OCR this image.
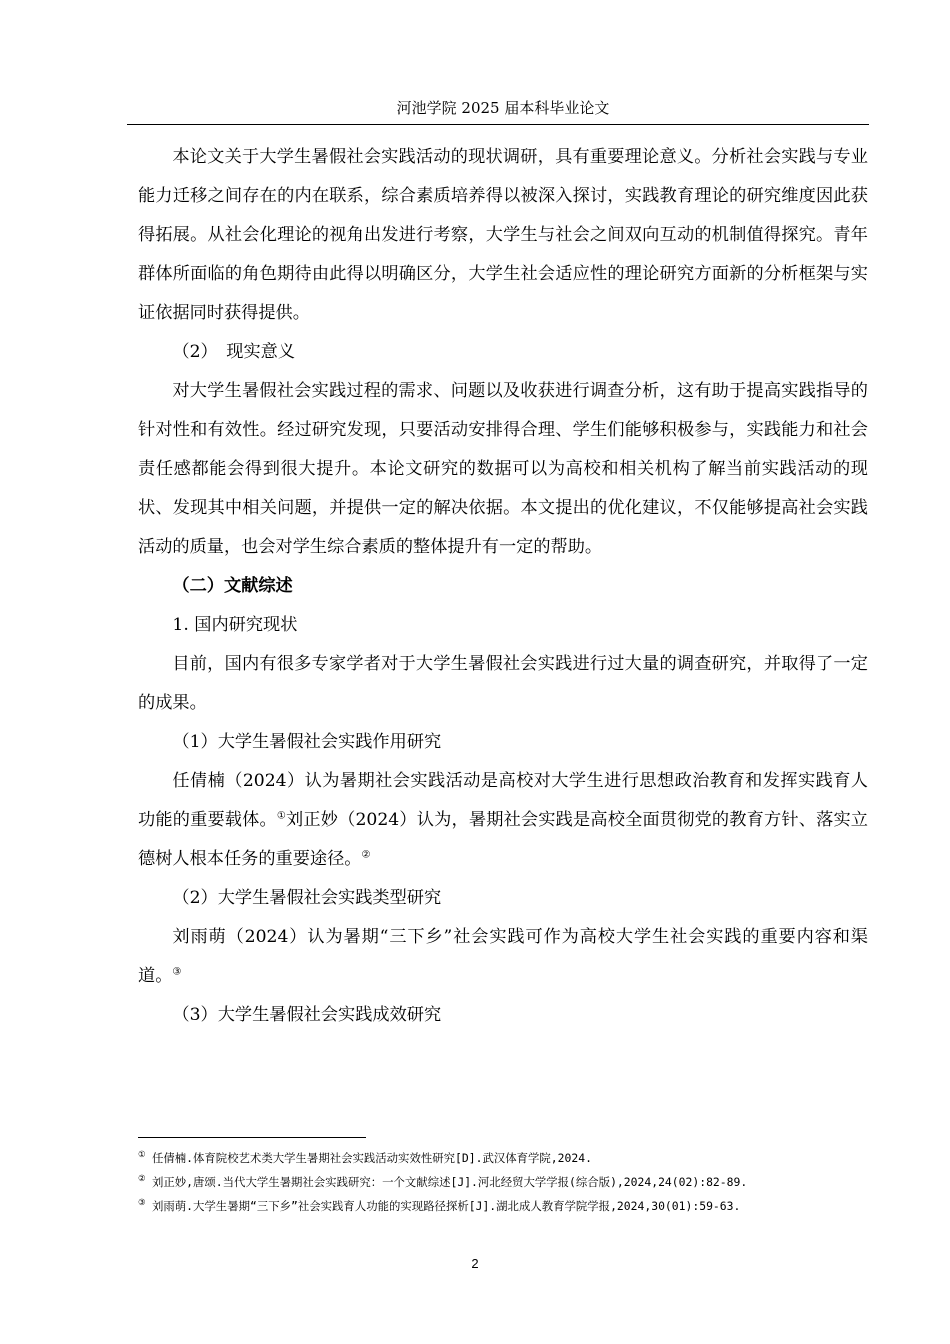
河池学院 2025 届本科毕业论文

本论文关于大学生暑假社会实践活动的现状调研，具有重要理论意义。分析社会实践与专业能力迁移之间存在的内在联系，综合素质培养得以被深入探讨，实践教育理论的研究维度因此获得拓展。从社会化理论的视角出发进行考察，大学生与社会之间双向互动的机制值得探究。青年群体所面临的角色期待由此得以明确区分，大学生社会适应性的理论研究方面新的分析框架与实证依据同时获得提供。

（2）　现实意义

对大学生暑假社会实践过程的需求、问题以及收获进行调查分析，这有助于提高实践指导的针对性和有效性。经过研究发现，只要活动安排得合理、学生们能够积极参与，实践能力和社会责任感都能会得到很大提升。本论文研究的数据可以为高校和相关机构了解当前实践活动的现状、发现其中相关问题，并提供一定的解决依据。本文提出的优化建议，不仅能够提高社会实践活动的质量，也会对学生综合素质的整体提升有一定的帮助。

（二）文献综述

1. 国内研究现状

目前，国内有很多专家学者对于大学生暑假社会实践进行过大量的调查研究，并取得了一定的成果。

（1）大学生暑假社会实践作用研究

任倩楠（2024）认为暑期社会实践活动是高校对大学生进行思想政治教育和发挥实践育人功能的重要载体。①刘正妙（2024）认为，暑期社会实践是高校全面贯彻党的教育方针、落实立德树人根本任务的重要途径。②

（2）大学生暑假社会实践类型研究

刘雨萌（2024）认为暑期“三下乡”社会实践可作为高校大学生社会实践的重要内容和渠道。③

（3）大学生暑假社会实践成效研究

① 任倩楠.体育院校艺术类大学生暑期社会实践活动实效性研究[D].武汉体育学院,2024.
② 刘正妙,唐颂.当代大学生暑期社会实践研究：一个文献综述[J].河北经贸大学学报(综合版),2024,24(02):82-89.
③ 刘雨萌.大学生暑期“三下乡”社会实践育人功能的实现路径探析[J].湖北成人教育学院学报,2024,30(01):59-63.
2
